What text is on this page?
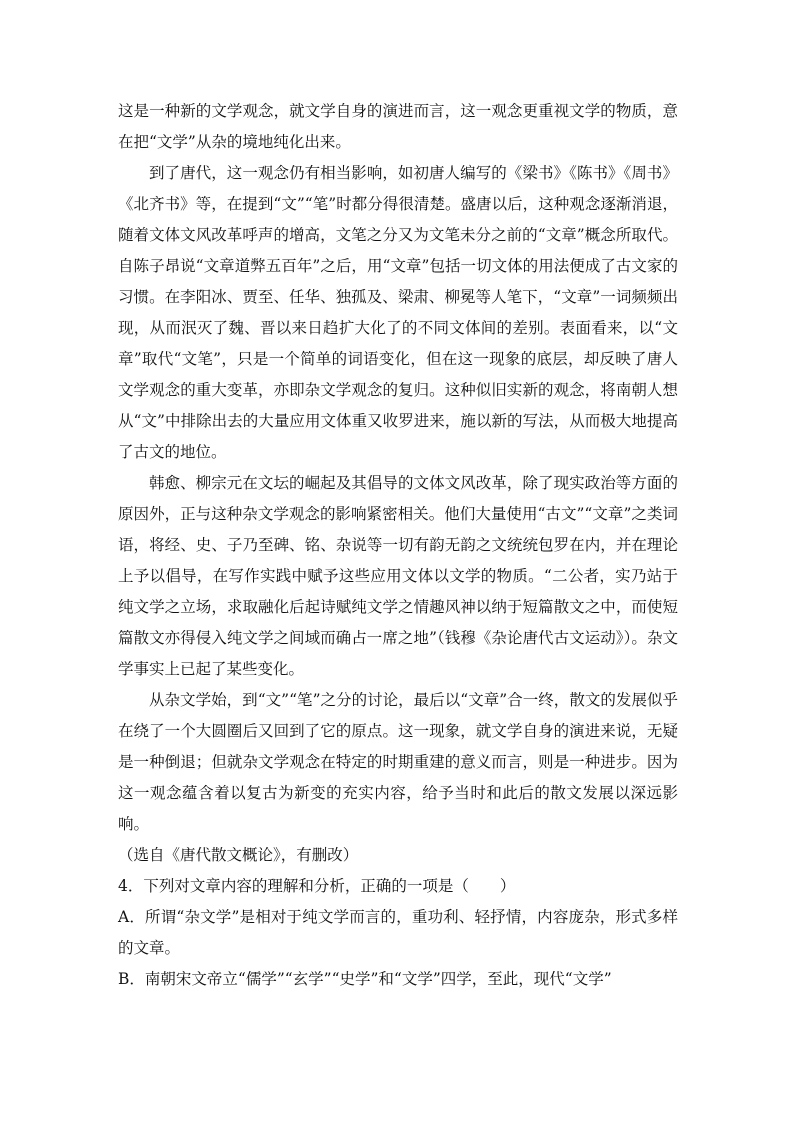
这是一种新的文学观念，就文学自身的演进而言，这一观念更重视文学的物质，意在把“文学”从杂的境地纯化出来。

到了唐代，这一观念仍有相当影响，如初唐人编写的《梁书》《陈书》《周书》《北齐书》等，在提到“文”“笔”时都分得很清楚。盛唐以后，这种观念逐渐消退，随着文体文风改革呼声的增高，文笔之分又为文笔未分之前的“文章”概念所取代。自陈子昂说“文章道弊五百年”之后，用“文章”包括一切文体的用法便成了古文家的习惯。在李阳冰、贾至、任华、独孤及、梁肃、柳冕等人笔下，“文章”一词频频出现，从而泯灭了魏、晋以来日趋扩大化了的不同文体间的差别。表面看来，以“文章”取代“文笔”，只是一个简单的词语变化，但在这一现象的底层，却反映了唐人文学观念的重大变革，亦即杂文学观念的复归。这种似旧实新的观念，将南朝人想从“文”中排除出去的大量应用文体重又收罗进来，施以新的写法，从而极大地提高了古文的地位。

韩愈、柳宗元在文坛的崛起及其倡导的文体文风改革，除了现实政治等方面的原因外，正与这种杂文学观念的影响紧密相关。他们大量使用“古文”“文章”之类词语，将经、史、子乃至碑、铭、杂说等一切有韵无韵之文统统包罗在内，并在理论上予以倡导，在写作实践中赋予这些应用文体以文学的物质。“二公者，实乃站于纯文学之立场，求取融化后起诗赋纯文学之情趣风神以纳于短篇散文之中，而使短篇散文亦得侵入纯文学之间域而确占一席之地”（钱穆《杂论唐代古文运动》）。杂文学事实上已起了某些变化。

从杂文学始，到“文”“笔”之分的讨论，最后以“文章”合一终，散文的发展似乎在绕了一个大圆圈后又回到了它的原点。这一现象，就文学自身的演进来说，无疑是一种倒退；但就杂文学观念在特定的时期重建的意义而言，则是一种进步。因为这一观念蕴含着以复古为新变的充实内容，给予当时和此后的散文发展以深远影响。

（选自《唐代散文概论》，有删改）

4．下列对文章内容的理解和分析，正确的一项是（　　）

A．所谓“杂文学”是相对于纯文学而言的，重功利、轻抒情，内容庞杂，形式多样的文章。

B．南朝宋文帝立“儒学”“玄学”“史学”和“文学”四学，至此，现代“文学”
